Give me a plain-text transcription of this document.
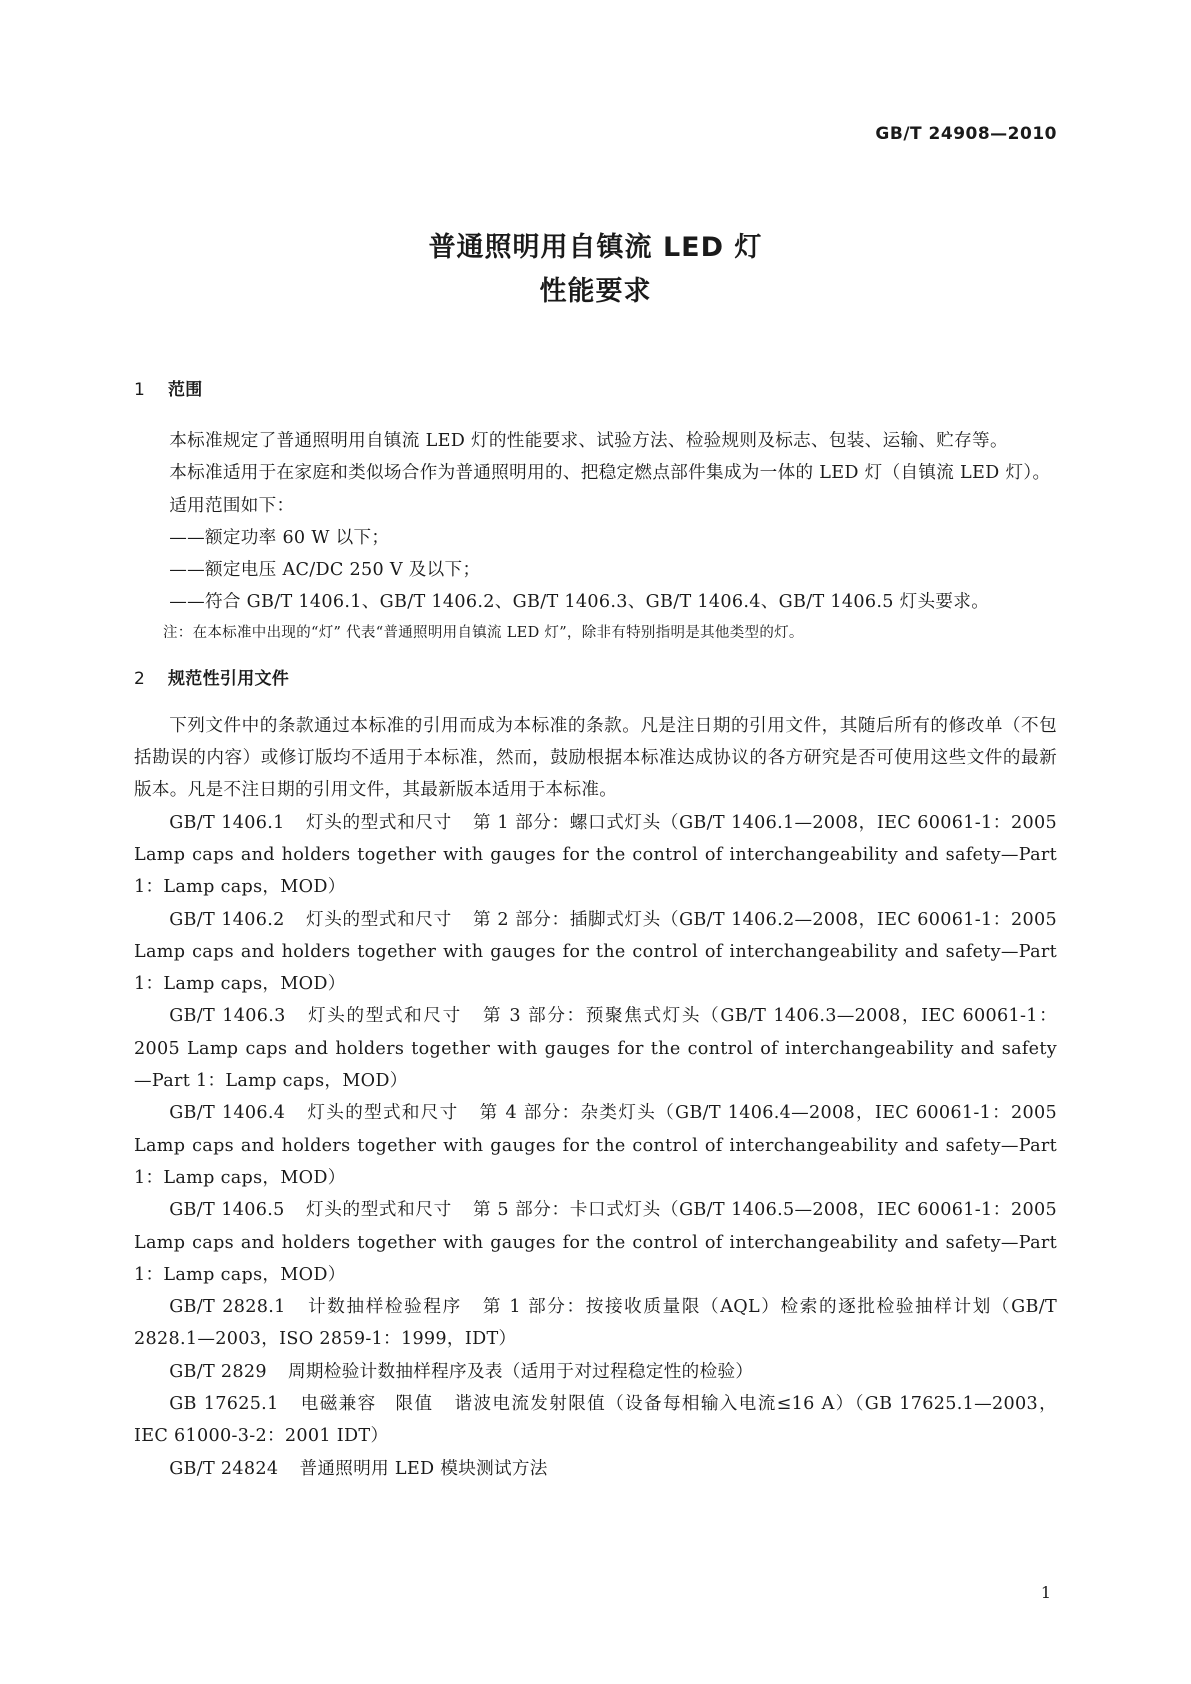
GB/T 24908—2010
普通照明用自镇流 LED 灯
性能要求
1 范围

本标准规定了普通照明用自镇流 LED 灯的性能要求、试验方法、检验规则及标志、包装、运输、贮存等。

本标准适用于在家庭和类似场合作为普通照明用的、把稳定燃点部件集成为一体的 LED 灯（自镇流 LED 灯）。

适用范围如下：

——额定功率 60 W 以下；

——额定电压 AC/DC 250 V 及以下；

——符合 GB/T 1406.1、GB/T 1406.2、GB/T 1406.3、GB/T 1406.4、GB/T 1406.5 灯头要求。

注：在本标准中出现的“灯” 代表“普通照明用自镇流 LED 灯”，除非有特别指明是其他类型的灯。

2 规范性引用文件

下列文件中的条款通过本标准的引用而成为本标准的条款。凡是注日期的引用文件，其随后所有的修改单（不包括勘误的内容）或修订版均不适用于本标准，然而，鼓励根据本标准达成协议的各方研究是否可使用这些文件的最新版本。凡是不注日期的引用文件，其最新版本适用于本标准。

GB/T 1406.1 灯头的型式和尺寸 第 1 部分：螺口式灯头（GB/T 1406.1—2008，IEC 60061-1：2005 Lamp caps and holders together with gauges for the control of interchangeability and safety—Part 1：Lamp caps，MOD）

GB/T 1406.2 灯头的型式和尺寸 第 2 部分：插脚式灯头（GB/T 1406.2—2008，IEC 60061-1：2005 Lamp caps and holders together with gauges for the control of interchangeability and safety—Part 1：Lamp caps，MOD）

GB/T 1406.3 灯头的型式和尺寸 第 3 部分：预聚焦式灯头（GB/T 1406.3—2008，IEC 60061-1：2005 Lamp caps and holders together with gauges for the control of interchangeability and safety—Part 1：Lamp caps，MOD）

GB/T 1406.4 灯头的型式和尺寸 第 4 部分：杂类灯头（GB/T 1406.4—2008，IEC 60061-1：2005 Lamp caps and holders together with gauges for the control of interchangeability and safety—Part 1：Lamp caps，MOD）

GB/T 1406.5 灯头的型式和尺寸 第 5 部分：卡口式灯头（GB/T 1406.5—2008，IEC 60061-1：2005 Lamp caps and holders together with gauges for the control of interchangeability and safety—Part 1：Lamp caps，MOD）

GB/T 2828.1 计数抽样检验程序 第 1 部分：按接收质量限（AQL）检索的逐批检验抽样计划（GB/T 2828.1—2003，ISO 2859-1：1999，IDT）

GB/T 2829 周期检验计数抽样程序及表（适用于对过程稳定性的检验）

GB 17625.1 电磁兼容　限值 谐波电流发射限值（设备每相输入电流≤16 A）（GB 17625.1—2003，IEC 61000-3-2：2001 IDT）

GB/T 24824 普通照明用 LED 模块测试方法

1
